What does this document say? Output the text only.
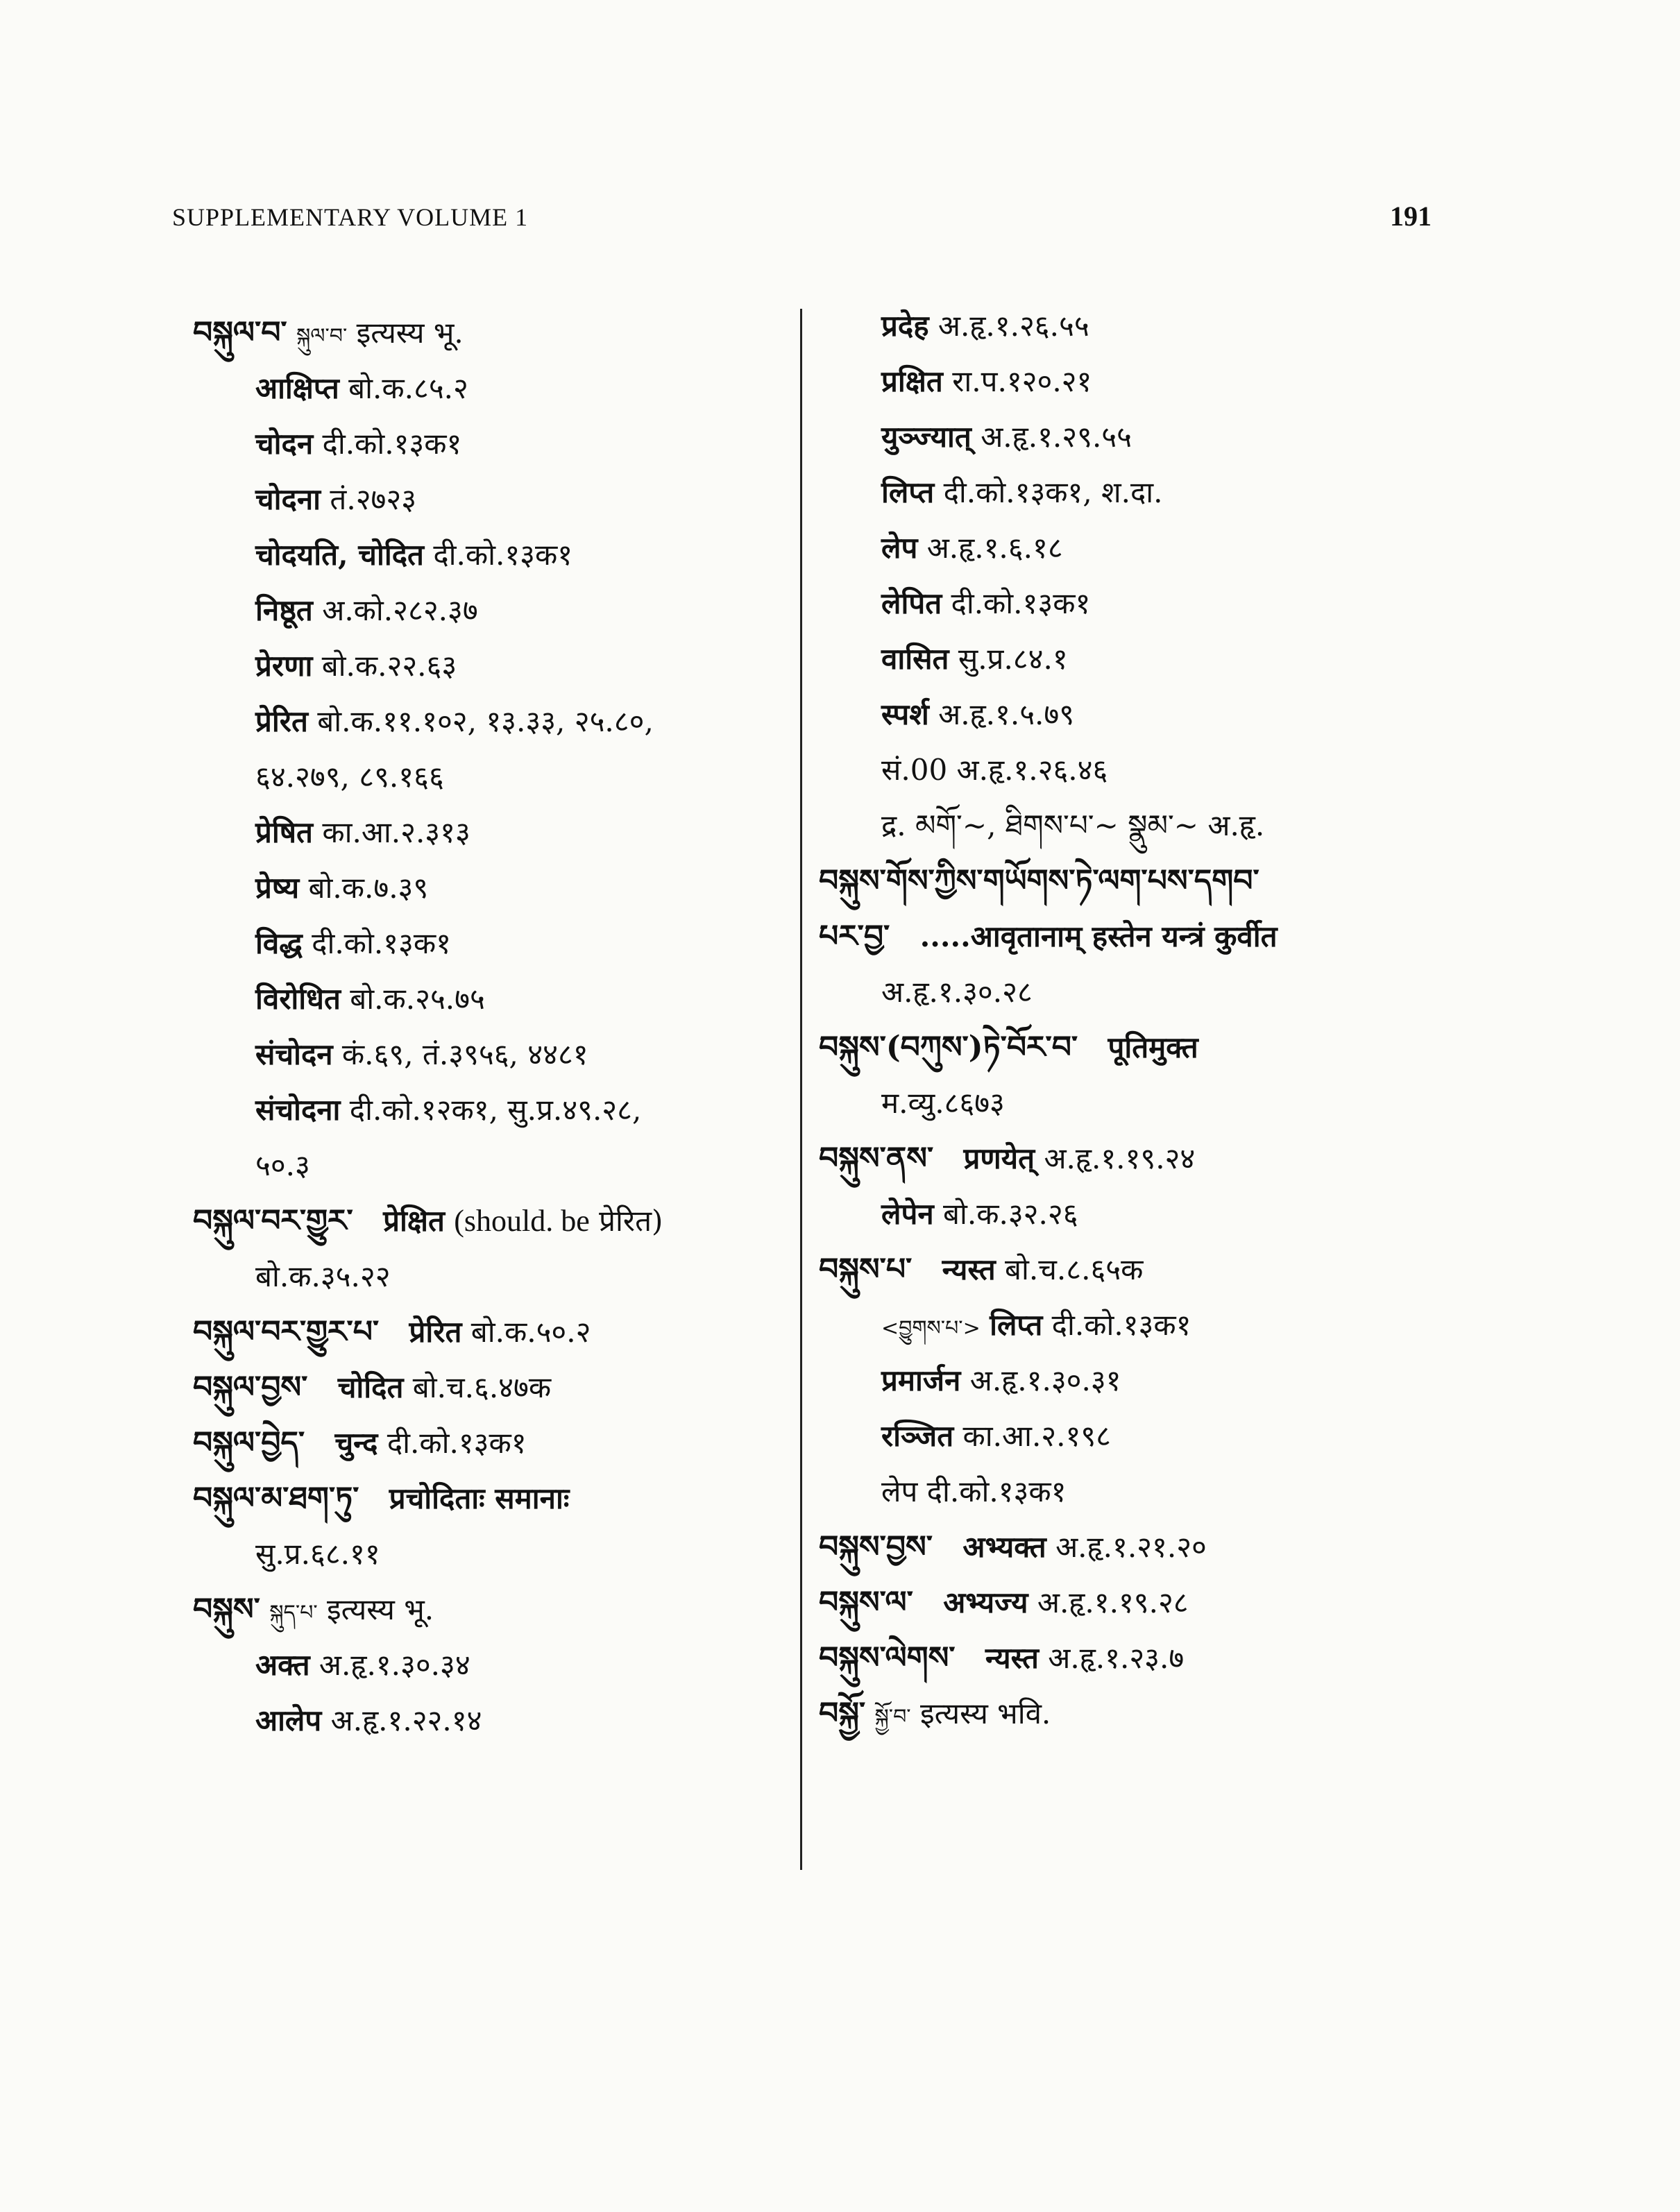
SUPPLEMENTARY VOLUME 1	191
བསྐུལ་བ་ སྐུལ་བ་ इत्यस्य भू.
आक्षिप्त बो.क.८५.२
चोदन दी.को.१३क१
चोदना तं.२७२३
चोदयति, चोदित दी.को.१३क१
निष्ठूत अ.को.२८२.३७
प्रेरणा बो.क.२२.६३
प्रेरित बो.क.११.१०२, १३.३३, २५.८०,
६४.२७९, ८९.१६६
प्रेषित का.आ.२.३१३
प्रेष्य बो.क.७.३९
विद्ध दी.को.१३क१
विरोधित बो.क.२५.७५
संचोदन कं.६९, तं.३९५६, ४४८१
संचोदना दी.को.१२क१, सु.प्र.४९.२८,
५०.३
བསྐུལ་བར་གྱུར་ प्रेक्षित (should. be प्रेरित)
बो.क.३५.२२
བསྐུལ་བར་གྱུར་པ་ प्रेरित बो.क.५०.२
བསྐུལ་བྱས་ चोदित बो.च.६.४७क
བསྐུལ་བྱེད་ चुन्द दी.को.१३क१
བསྐུལ་མ་ཐག་ཏུ་ प्रचोदिताः समानाः
सु.प्र.६८.११
བསྐུས་ སྐུད་པ་ इत्यस्य भू.
अक्त अ.हृ.१.३०.३४
आलेप अ.हृ.१.२२.१४
प्रदेह अ.हृ.१.२६.५५
प्रक्षित रा.प.१२०.२१
युञ्ज्यात् अ.हृ.१.२९.५५
लिप्त दी.को.१३क१, श.दा.
लेप अ.हृ.१.६.१८
लेपित दी.को.१३क१
वासित सु.प्र.८४.१
स्पर्श अ.हृ.१.५.७९
सं.00 अ.हृ.१.२६.४६
द्र. མགོ་~, ཐིགས་པ་~ སྣུམ་~ अ.हृ.
བསྐུས་གོས་ཀྱིས་གཡོགས་ཏེ་ལག་པས་དགབ་
པར་བྱ་ .....आवृतानाम् हस्तेन यन्त्रं कुर्वीत
अ.हृ.१.३०.२८
བསྐུས་(བཀུས་)ཏེ་བོར་བ་ पूतिमुक्त
म.व्यु.८६७३
བསྐུས་ནས་ प्रणयेत् अ.हृ.१.१९.२४
लेपेन बो.क.३२.२६
བསྐུས་པ་ न्यस्त बो.च.८.६५क
<བྱུགས་པ་> लिप्त दी.को.१३क१
प्रमार्जन अ.हृ.१.३०.३१
रञ्जित का.आ.२.१९८
लेप दी.को.१३क१
བསྐུས་བྱས་ अभ्यक्त अ.हृ.१.२१.२०
བསྐུས་ལ་ अभ्यज्य अ.हृ.१.१९.२८
བསྐུས་ལེགས་ न्यस्त अ.हृ.१.२३.७
བསྐྱོ་ སྐྱོ་བ་ इत्यस्य भवि.
